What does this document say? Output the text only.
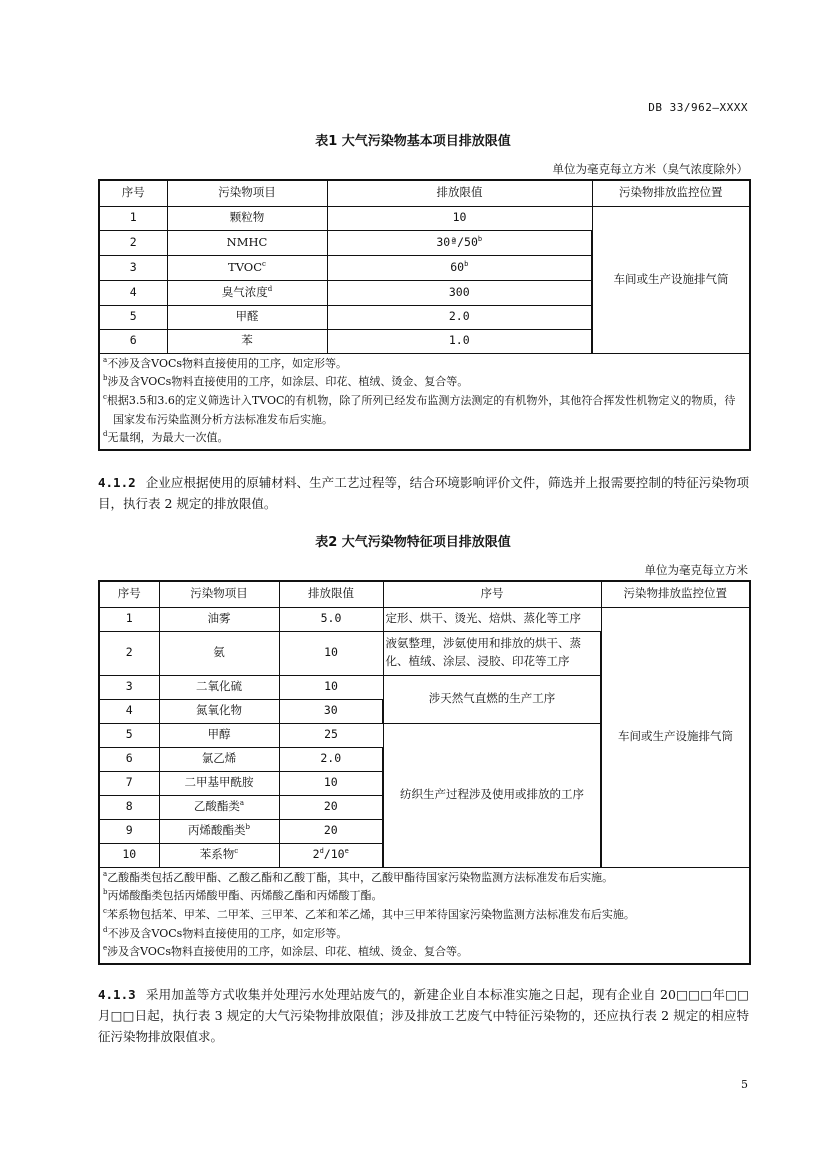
DB 33/962—XXXX
表1 大气污染物基本项目排放限值
单位为毫克每立方米（臭气浓度除外）
序号	污染物项目	排放限值	污染物排放监控位置
1	颗粒物	10	车间或生产设施排气筒
2	NMHC	30ª/50$^b$
3	TVOC$^c$	60$^b$
4	臭气浓度$^d$	300	
5	甲醛	2.0	
6	苯	1.0	

$^a$不涉及含VOCs物料直接使用的工序，如定形等。
$^b$涉及含VOCs物料直接使用的工序，如涂层、印花、植绒、烫金、复合等。
$^c$根据3.5和3.6的定义筛选计入TVOC的有机物，除了所列已经发布监测方法测定的有机物外，其他符合挥发性机物定义的物质，待国家发布污染监测分析方法标准发布后实施。
$^d$无量纲，为最大一次值。			
4.1.2 企业应根据使用的原辅材料、生产工艺过程等，结合环境影响评价文件，筛选并上报需要控制的特征污染物项目，执行表 2 规定的排放限值。
表2 大气污染物特征项目排放限值
单位为毫克每立方米
序号	污染物项目	排放限值	序号	污染物排放监控位置
1	油雾	5.0	定形、烘干、烫光、焙烘、蒸化等工序	车间或生产设施排气筒
2	氨	10	液氨整理，涉氨使用和排放的烘干、蒸化、植绒、涂层、浸胶、印花等工序	
3	二氧化硫	10	涉天然气直燃的生产工序	
4	氮氧化物	30		
5	甲醇	25	纺织生产过程涉及使用或排放的工序	
6	氯乙烯	2.0		
7	二甲基甲酰胺	10		
8	乙酸酯类$^a$	20		
9	丙烯酸酯类$^b$	20		
10	苯系物$^c$	2$^d$/10e

$^a$乙酸酯类包括乙酸甲酯、乙酸乙酯和乙酸丁酯，其中，乙酸甲酯待国家污染物监测方法标准发布后实施。
$^b$丙烯酸酯类包括丙烯酸甲酯、丙烯酸乙酯和丙烯酸丁酯。
$^c$苯系物包括苯、甲苯、二甲苯、三甲苯、乙苯和苯乙烯，其中三甲苯待国家污染物监测方法标准发布后实施。
$^d$不涉及含VOCs物料直接使用的工序，如定形等。
$^e$涉及含VOCs物料直接使用的工序，如涂层、印花、植绒、烫金、复合等。				
4.1.3 采用加盖等方式收集并处理污水处理站废气的，新建企业自本标准实施之日起，现有企业自 20□□□年□□月□□日起，执行表 3 规定的大气污染物排放限值；涉及排放工艺废气中特征污染物的，还应执行表 2 规定的相应特征污染物排放限值求。
5
